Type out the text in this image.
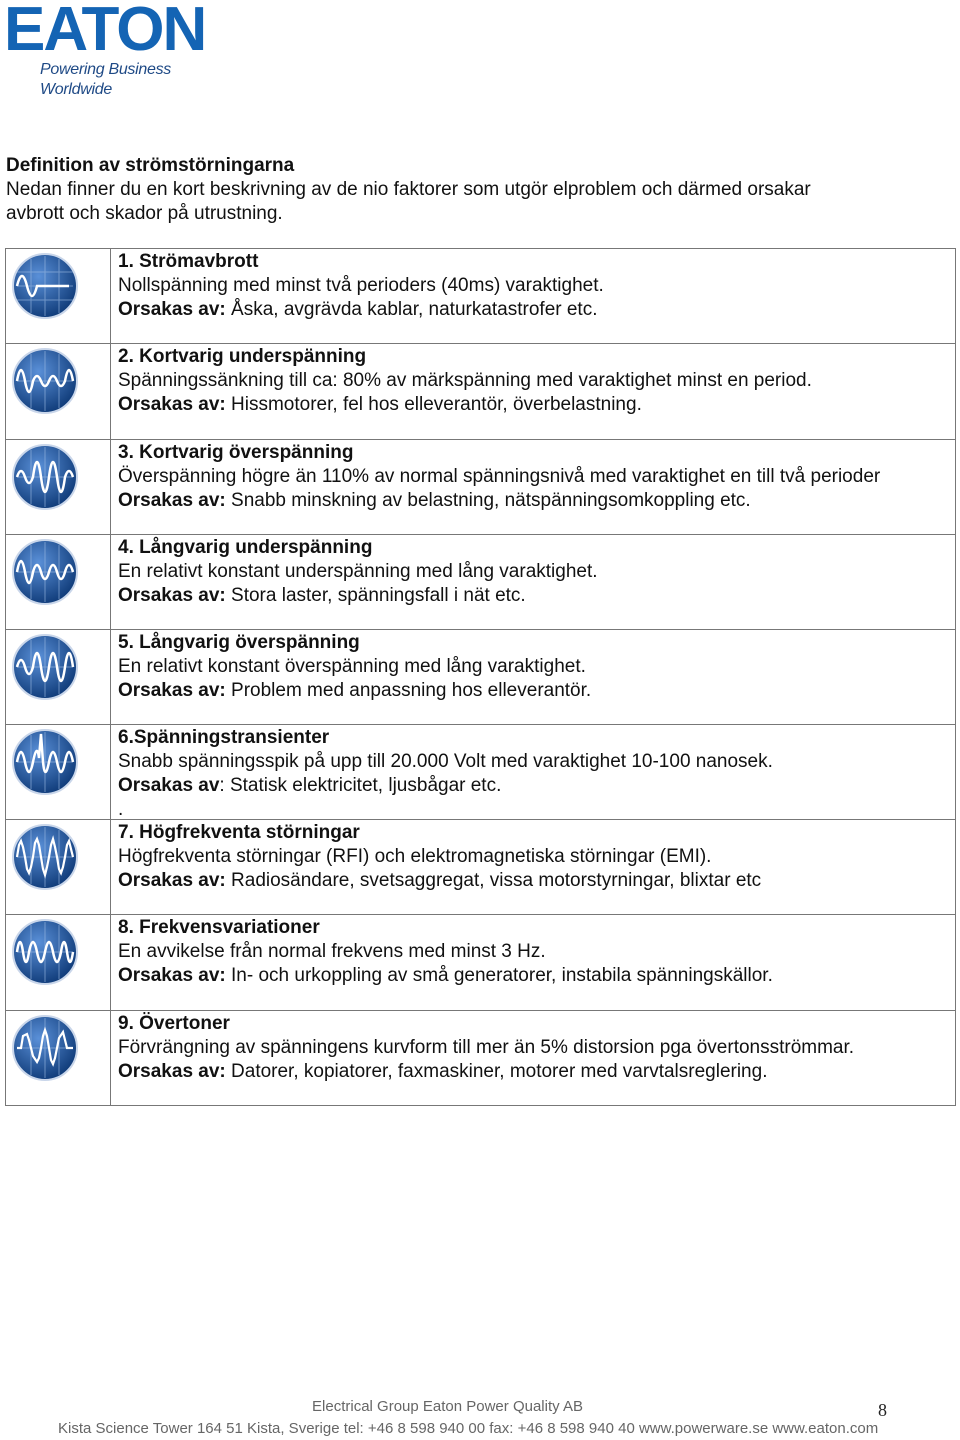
EATON
Powering Business Worldwide
Definition av strömstörningarna
Nedan finner du en kort beskrivning av de nio faktorer som utgör elproblem och därmed orsakar
avbrott och skador på utrustning.
1. Strömavbrott
Nollspänning med minst två perioders (40ms) varaktighet.
Orsakas av: Åska, avgrävda kablar, naturkatastrofer etc.
2. Kortvarig underspänning
Spänningssänkning till ca: 80% av märkspänning med varaktighet minst en period.
Orsakas av: Hissmotorer, fel hos elleverantör, överbelastning.
3. Kortvarig överspänning
Överspänning högre än 110% av normal spänningsnivå med varaktighet en till två perioder
Orsakas av: Snabb minskning av belastning, nätspänningsomkoppling etc.
4. Långvarig underspänning
En relativt konstant underspänning med lång varaktighet.
Orsakas av: Stora laster, spänningsfall i nät etc.
5. Långvarig överspänning
En relativt konstant överspänning med lång varaktighet.
Orsakas av: Problem med anpassning hos elleverantör.
6.Spänningstransienter
Snabb spänningsspik på upp till 20.000 Volt med varaktighet 10-100 nanosek.
Orsakas av: Statisk elektricitet, ljusbågar etc.
.
7. Högfrekventa störningar
Högfrekventa störningar (RFI) och elektromagnetiska störningar (EMI).
Orsakas av: Radiosändare, svetsaggregat, vissa motorstyrningar, blixtar etc
8. Frekvensvariationer
En avvikelse från normal frekvens med minst 3 Hz.
Orsakas av: In- och urkoppling av små generatorer, instabila spänningskällor.
9. Övertoner
Förvrängning av spänningens kurvform till mer än 5% distorsion pga övertonsströmmar.
Orsakas av: Datorer, kopiatorer, faxmaskiner, motorer med varvtalsreglering.
Electrical Group Eaton Power Quality AB
Kista Science Tower 164 51 Kista, Sverige tel: +46 8 598 940 00 fax: +46 8 598 940 40 www.powerware.se www.eaton.com
8
